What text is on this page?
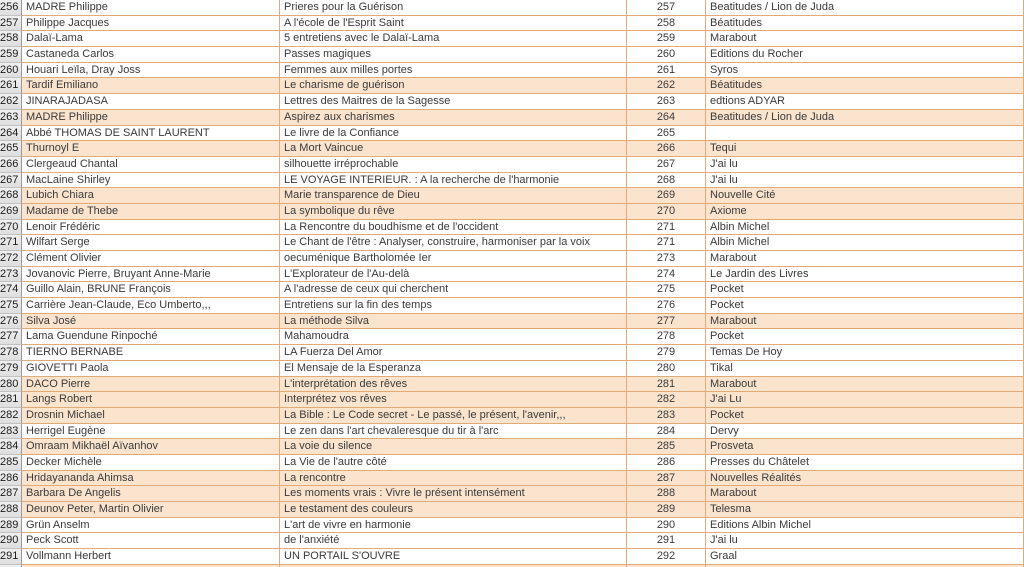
256 MADRE Philippe	Prieres pour la Guérison	257	Beatitudes / Lion de Juda
257 Philippe Jacques	A l'école de l'Esprit Saint	258	Béatitudes
258 Dalaï-Lama	5 entretiens avec le Dalaï-Lama	259	Marabout
259 Castaneda Carlos	Passes magiques	260	Editions du Rocher
260 Houari Leïla, Dray Joss	Femmes aux milles portes	261	Syros
261 Tardif Emiliano	Le charisme de guérison	262	Béatitudes
262 JINARAJADASA	Lettres des Maitres de la Sagesse	263	edtions ADYAR
263 MADRE Philippe	Aspirez aux charismes	264	Beatitudes / Lion de Juda
264 Abbé THOMAS DE SAINT LAURENT	Le livre de la Confiance	265
265 Thurnoyl E	La Mort Vaincue	266	Tequi
266 Clergeaud Chantal	silhouette irréprochable	267	J'ai lu
267 MacLaine Shirley	LE VOYAGE INTERIEUR. : A la recherche de l'harmonie	268	J'ai lu
268 Lubich Chiara	Marie transparence de Dieu	269	Nouvelle Cité
269 Madame de Thebe	La symbolique du rêve	270	Axiome
270 Lenoir Frédéric	La Rencontre du boudhisme et de l'occident	271	Albin Michel
271 Wilfart Serge	Le Chant de l'être : Analyser, construire, harmoniser par la voix	271	Albin Michel
272 Clément Olivier	oecuménique Bartholomée Ier	273	Marabout
273 Jovanovic Pierre, Bruyant Anne-Marie	L'Explorateur de l'Au-delà	274	Le Jardin des Livres
274 Guillo Alain, BRUNE François	A l'adresse de ceux qui cherchent	275	Pocket
275 Carrière Jean-Claude, Eco Umberto,,,	Entretiens sur la fin des temps	276	Pocket
276 Silva José	La méthode Silva	277	Marabout
277 Lama Guendune Rinpoché	Mahamoudra	278	Pocket
278 TIERNO BERNABE	LA Fuerza Del Amor	279	Temas De Hoy
279 GIOVETTI Paola	El Mensaje de la Esperanza	280	Tikal
280 DACO Pierre	L'interprétation des rêves	281	Marabout
281 Langs Robert	Interprétez vos rêves	282	J'ai Lu
282 Drosnin Michael	La Bible : Le Code secret - Le passé, le présent, l'avenir,,,	283	Pocket
283 Herrigel Eugène	Le zen dans l'art chevaleresque du tir à l'arc	284	Dervy
284 Omraam Mikhaël Aïvanhov	La voie du silence	285	Prosveta
285 Decker Michèle	La Vie de l'autre côté	286	Presses du Châtelet
286 Hridayananda Ahimsa	La rencontre	287	Nouvelles Réalités
287 Barbara De Angelis	Les moments vrais : Vivre le présent intensément	288	Marabout
288 Deunov Peter, Martin Olivier	Le testament des couleurs	289	Telesma
289 Grün Anselm	L'art de vivre en harmonie	290	Editions Albin Michel
290 Peck Scott	de l'anxiété	291	J'ai lu
291 Vollmann Herbert	UN PORTAIL S'OUVRE	292	Graal
